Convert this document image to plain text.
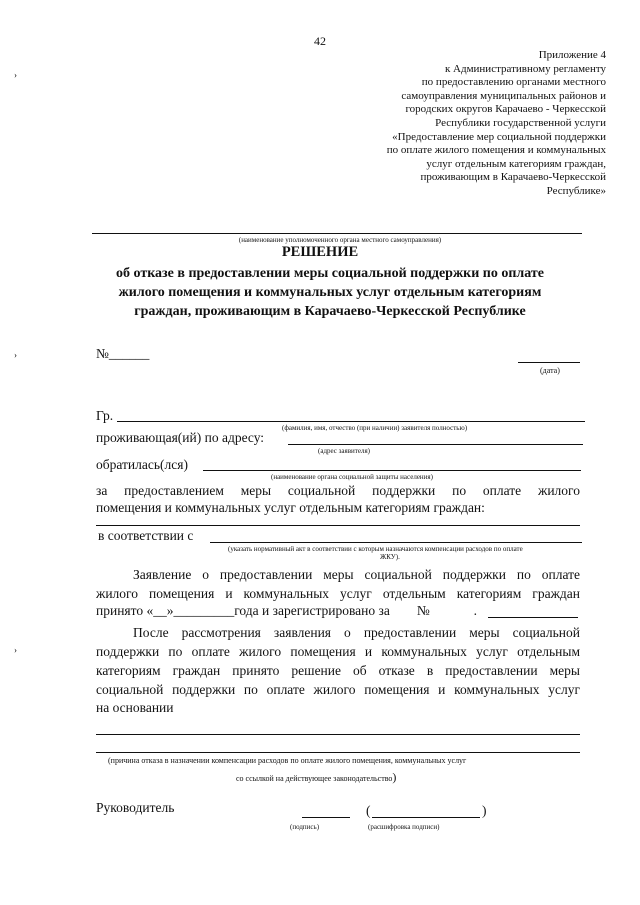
42
Приложение 4
к Административному регламенту
по предоставлению органами местного
самоуправления муниципальных районов и
городских округов Карачаево - Черкесской
Республики государственной услуги
«Предоставление мер социальной поддержки
по оплате жилого помещения и коммунальных
услуг отдельным категориям граждан,
проживающим в Карачаево-Черкесской
Республике»
›
›
›
(наименование уполномоченного органа местного самоуправления)
РЕШЕНИЕ
об отказе в предоставлении меры социальной поддержки по оплате
жилого помещения и коммунальных услуг отдельным категориям
граждан, проживающим в Карачаево-Черкесской Республике
№______
(дата)
Гр.
(фамилия, имя, отчество (при наличии) заявителя полностью)
проживающая(ий) по адресу:
(адрес заявителя)
обратилась(лся)
(наименование органа социальной защиты населения)
за предоставлением меры социальной поддержки по оплате жилого
помещения и коммунальных услуг отдельным категориям граждан:
в соответствии с
(указать нормативный акт в соответствии с которым назначаются компенсации расходов по оплате
ЖКУ).
Заявление о предоставлении меры социальной поддержки по оплате
жилого помещения и коммунальных услуг отдельным категориям граждан
принято «__»_________года и зарегистрировано за        №             .
После рассмотрения заявления о предоставлении меры социальной
поддержки по оплате жилого помещения и коммунальных услуг отдельным
категориям граждан принято решение об отказе в предоставлении меры
социальной поддержки по оплате жилого помещения и коммунальных услуг
на основании
(причина отказа в назначении компенсации расходов по оплате жилого помещения, коммунальных услуг
со ссылкой на действующее законодательство)
Руководитель	(	)
(подпись)	(расшифровка подписи)
